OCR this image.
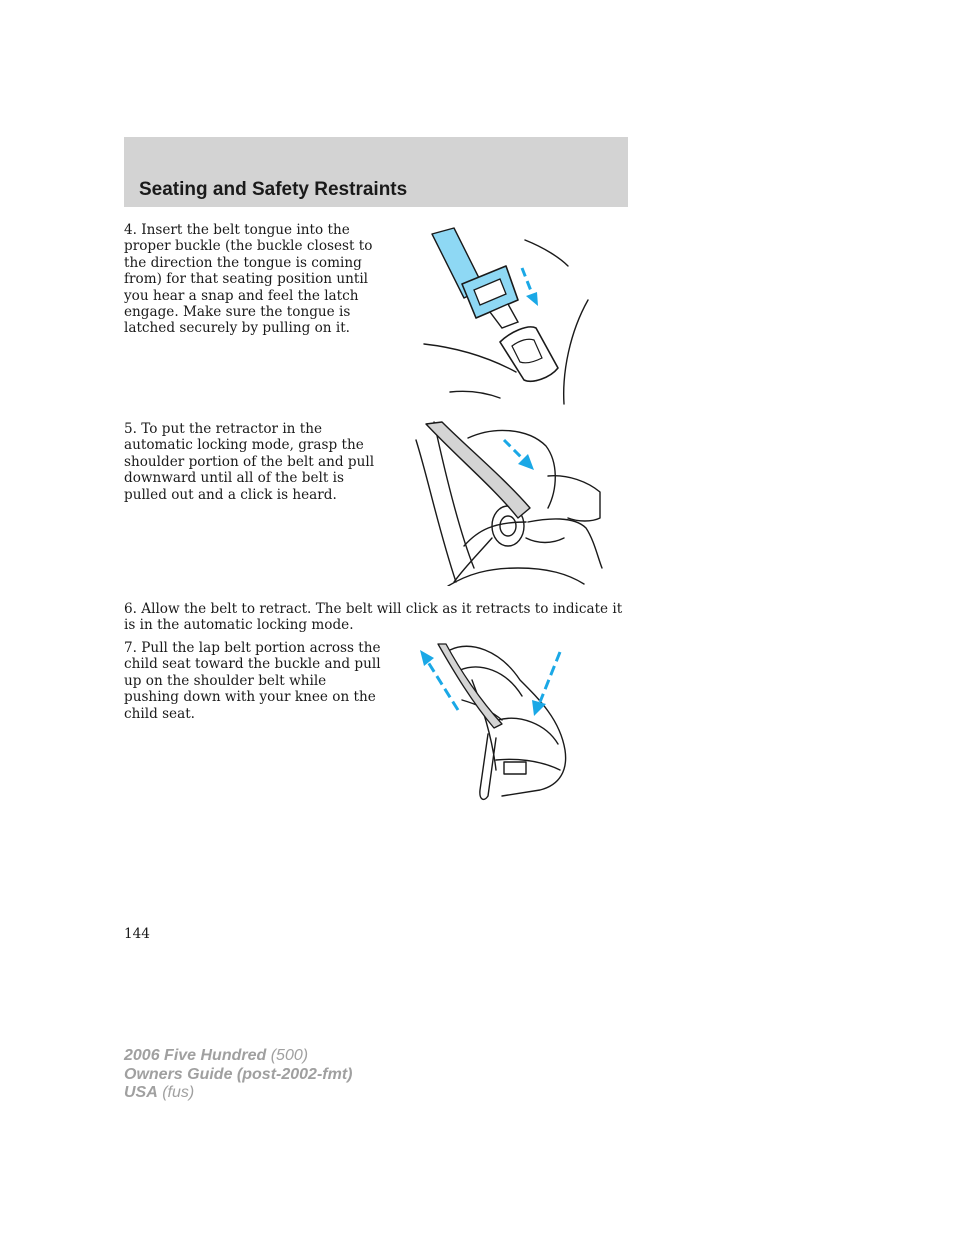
Seating and Safety Restraints

4. Insert the belt tongue into the proper buckle (the buckle closest to the direction the tongue is coming from) for that seating position until you hear a snap and feel the latch engage. Make sure the tongue is latched securely by pulling on it.

5. To put the retractor in the automatic locking mode, grasp the shoulder portion of the belt and pull downward until all of the belt is pulled out and a click is heard.

6. Allow the belt to retract. The belt will click as it retracts to indicate it is in the automatic locking mode.

7. Pull the lap belt portion across the child seat toward the buckle and pull up on the shoulder belt while pushing down with your knee on the child seat.

144

2006 Five Hundred (500)
Owners Guide (post-2002-fmt)
USA (fus)
